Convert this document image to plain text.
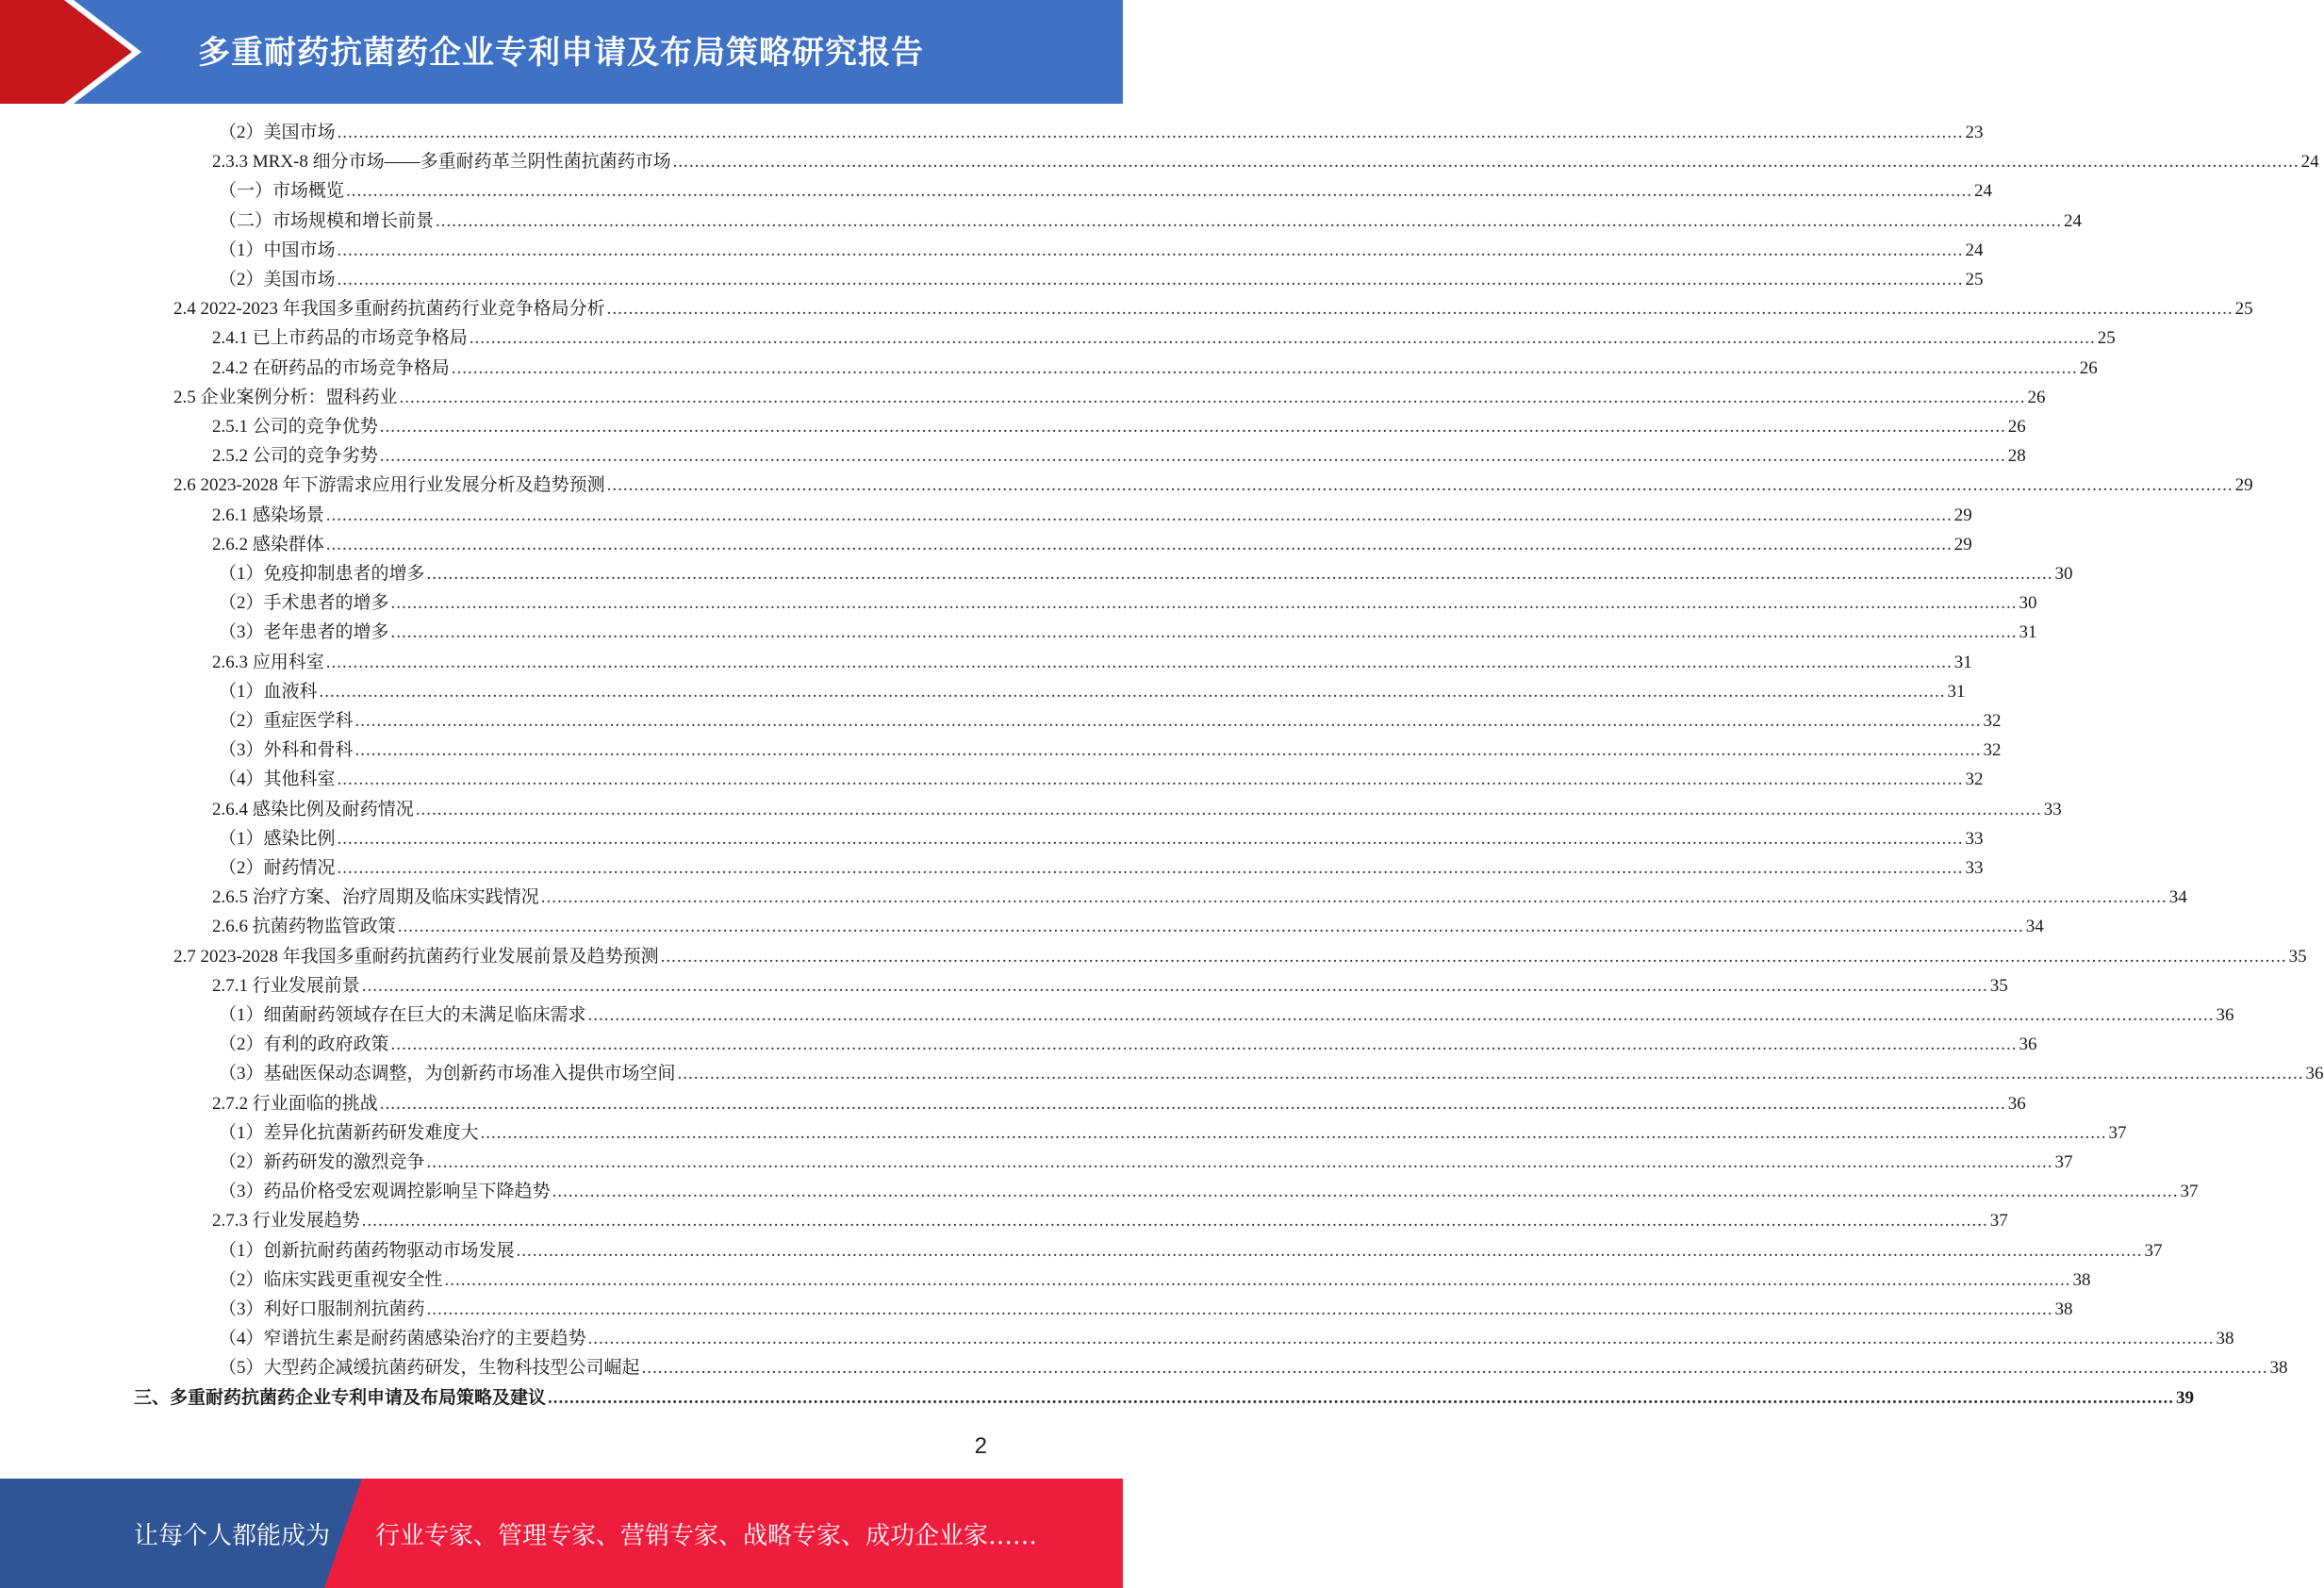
多重耐药抗菌药企业专利申请及布局策略研究报告
（2）美国市场 ............................................................................................................................................................................................................................................................................................................ 23
2.3.3 MRX-8 细分市场——多重耐药革兰阴性菌抗菌药市场 ............................................................................................................................................................................................................................................................................................................ 24
（一）市场概览 ............................................................................................................................................................................................................................................................................................................ 24
（二）市场规模和增长前景 ............................................................................................................................................................................................................................................................................................................ 24
（1）中国市场 ............................................................................................................................................................................................................................................................................................................ 24
（2）美国市场 ............................................................................................................................................................................................................................................................................................................ 25
2.4 2022-2023 年我国多重耐药抗菌药行业竞争格局分析 ............................................................................................................................................................................................................................................................................................................ 25
2.4.1 已上市药品的市场竞争格局 ............................................................................................................................................................................................................................................................................................................ 25
2.4.2 在研药品的市场竞争格局 ............................................................................................................................................................................................................................................................................................................ 26
2.5 企业案例分析：盟科药业 ............................................................................................................................................................................................................................................................................................................ 26
2.5.1 公司的竞争优势 ............................................................................................................................................................................................................................................................................................................ 26
2.5.2 公司的竞争劣势 ............................................................................................................................................................................................................................................................................................................ 28
2.6 2023-2028 年下游需求应用行业发展分析及趋势预测 ............................................................................................................................................................................................................................................................................................................ 29
2.6.1 感染场景 ............................................................................................................................................................................................................................................................................................................ 29
2.6.2 感染群体 ............................................................................................................................................................................................................................................................................................................ 29
（1）免疫抑制患者的增多 ............................................................................................................................................................................................................................................................................................................ 30
（2）手术患者的增多 ............................................................................................................................................................................................................................................................................................................ 30
（3）老年患者的增多 ............................................................................................................................................................................................................................................................................................................ 31
2.6.3 应用科室 ............................................................................................................................................................................................................................................................................................................ 31
（1）血液科 ............................................................................................................................................................................................................................................................................................................ 31
（2）重症医学科 ............................................................................................................................................................................................................................................................................................................ 32
（3）外科和骨科 ............................................................................................................................................................................................................................................................................................................ 32
（4）其他科室 ............................................................................................................................................................................................................................................................................................................ 32
2.6.4 感染比例及耐药情况 ............................................................................................................................................................................................................................................................................................................ 33
（1）感染比例 ............................................................................................................................................................................................................................................................................................................ 33
（2）耐药情况 ............................................................................................................................................................................................................................................................................................................ 33
2.6.5 治疗方案、治疗周期及临床实践情况 ............................................................................................................................................................................................................................................................................................................ 34
2.6.6 抗菌药物监管政策 ............................................................................................................................................................................................................................................................................................................ 34
2.7 2023-2028 年我国多重耐药抗菌药行业发展前景及趋势预测 ............................................................................................................................................................................................................................................................................................................ 35
2.7.1 行业发展前景 ............................................................................................................................................................................................................................................................................................................ 35
（1）细菌耐药领域存在巨大的未满足临床需求 ............................................................................................................................................................................................................................................................................................................ 36
（2）有利的政府政策 ............................................................................................................................................................................................................................................................................................................ 36
（3）基础医保动态调整，为创新药市场准入提供市场空间 ............................................................................................................................................................................................................................................................................................................ 36
2.7.2 行业面临的挑战 ............................................................................................................................................................................................................................................................................................................ 36
（1）差异化抗菌新药研发难度大 ............................................................................................................................................................................................................................................................................................................ 37
（2）新药研发的激烈竞争 ............................................................................................................................................................................................................................................................................................................ 37
（3）药品价格受宏观调控影响呈下降趋势 ............................................................................................................................................................................................................................................................................................................ 37
2.7.3 行业发展趋势 ............................................................................................................................................................................................................................................................................................................ 37
（1）创新抗耐药菌药物驱动市场发展 ............................................................................................................................................................................................................................................................................................................ 37
（2）临床实践更重视安全性 ............................................................................................................................................................................................................................................................................................................ 38
（3）利好口服制剂抗菌药 ............................................................................................................................................................................................................................................................................................................ 38
（4）窄谱抗生素是耐药菌感染治疗的主要趋势 ............................................................................................................................................................................................................................................................................................................ 38
（5）大型药企减缓抗菌药研发，生物科技型公司崛起 ............................................................................................................................................................................................................................................................................................................ 38
三、多重耐药抗菌药企业专利申请及布局策略及建议 ............................................................................................................................................................................................................................................................................................................ 39
2
让每个人都能成为 行业专家、管理专家、营销专家、战略专家、成功企业家……
